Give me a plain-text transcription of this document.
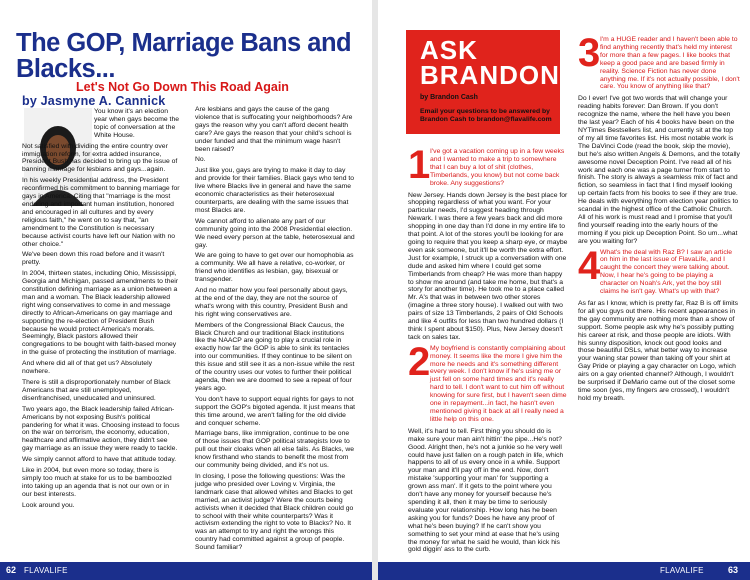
The GOP, Marriage Bans and Blacks...
Let's Not Go Down This Road Again
by Jasmyne A. Cannick

You know it's an election year when gays become the topic of conversation at the White House.

Not satisfied with dividing the entire country over immigration reform, for extra added insurance, President Bush has decided to bring up the issue of banning marriage for lesbians and gays...again.

In his weekly Presidential address, the President reconfirmed his commitment to banning marriage for gays in America. Citing that "marriage is the most enduring and important human institution, honored and encouraged in all cultures and by every religious faith," he went on to say that, "an amendment to the Constitution is necessary because activist courts have left our Nation with no other choice."

We've been down this road before and it wasn't pretty.

In 2004, thirteen states, including Ohio, Mississippi, Georgia and Michigan, passed amendments to their constitution defining marriage as a union between a man and a woman. The Black leadership allowed right wing conservatives to come in and message directly to African-Americans on gay marriage and supporting the re-election of President Bush because he would protect America's morals. Seemingly, Black pastors allowed their congregations to be bought with faith-based money in the guise of protecting the institution of marriage.

And where did all of that get us? Absolutely nowhere.

There is still a disproportionately number of Black Americans that are still unemployed, disenfranchised, uneducated and uninsured.

Two years ago, the Black leadership failed African-Americans by not exposing Bush's political pandering for what it was. Choosing instead to focus on the war on terrorism, the economy, education, healthcare and affirmative action, they didn't see gay marriage as an issue they were ready to tackle.

We simply cannot afford to have that attitude today.

Like in 2004, but even more so today, there is simply too much at stake for us to be bamboozled into taking up an agenda that is not our own or in our best interests.

Look around you.

Are lesbians and gays the cause of the gang violence that is suffocating your neighborhoods? Are gays the reason why you can't afford decent health care? Are gays the reason that your child's school is under funded and that the minimum wage hasn't been raised?

No.

Just like you, gays are trying to make it day to day and provide for their families. Black gays who tend to live where Blacks live in general and have the same economic characteristics as their heterosexual counterparts, are dealing with the same issues that most Blacks are.

We cannot afford to alienate any part of our community going into the 2008 Presidential election. We need every person at the table, heterosexual and gay.

We are going to have to get over our homophobia as a community. We all have a relative, co-worker, or friend who identifies as lesbian, gay, bisexual or transgender.

And no matter how you feel personally about gays, at the end of the day, they are not the source of what's wrong with this country, President Bush and his right wing conservatives are.

Members of the Congressional Black Caucus, the Black Church and our traditional Black institutions like the NAACP are going to play a crucial role in exactly how far the GOP is able to sink its tentacles into our communities. If they continue to be silent on this issue and still see it as a non-issue while the rest of the country uses our votes to further their political agenda, then we are doomed to see a repeat of four years ago.

You don't have to support equal rights for gays to not support the GOP's bigoted agenda. It just means that this time around, we aren't falling for the old divide and conquer scheme.

Marriage bans, like immigration, continue to be one of those issues that GOP political strategists love to pull out their cloaks when all else fails. As Blacks, we know firsthand who stands to benefit the most from our community being divided, and it's not us.

In closing, I pose the following questions: Was the judge who presided over Loving v. Virginia, the landmark case that allowed whites and Blacks to get married, an activist judge? Were the courts being activists when it decided that Black children could go to school with their white counterparts? Was it activism extending the right to vote to Blacks? No. It was an attempt to try and right the wrongs this country had committed against a group of people. Sound familiar?

62 FLAVALIFE
ASK
BRANDON
by Brandon Cash
Email your questions to be answered by Brandon Cash to brandon@flavalife.com
1 I've got a vacation coming up in a few weeks and I wanted to make a trip to somewhere that I can buy a lot of shit (clothes, Timberlands, you know) but not come back broke. Any suggestions?

New Jersey. Hands down Jersey is the best place for shopping regardless of what you want. For your particular needs, I'd suggest heading through Newark. I was there a few years back and did more shopping in one day than I'd done in my entire life to that point. A lot of the stores you'll be looking for are going to require that you keep a sharp eye, or maybe even ask someone, but it'll be worth the extra effort. Just for example, I struck up a conversation with one dude and asked him where I could get some Timberlands from cheap? He was more than happy to show me around (and take me home, but that's a story for another time). He took me to a place called Mr. A's that was in between two other stores (imagine a three story house). I walked out with two pairs of size 13 Timberlands, 2 pairs of Old Schools and like 4 outfits for less than two hundred dollars (I think I spent about $150). Plus, New Jersey doesn't tack on sales tax.

2 My boyfriend is constantly complaining about money. It seems like the more I give him the more he needs and it's something different every week. I don't know if he's using me or just fell on some hard times and it's really hard to tell. I don't want to cut him off without knowing for sure first, but I haven't seen dime one in repayment...in fact, he hasn't even mentioned giving it back at all I really need a little help on this one.

Well, it's hard to tell. First thing you should do is make sure your man ain't hittin' the pipe...He's not? Good. Alright then, he's not a junkie so he very well could have just fallen on a rough patch in life, which happens to all of us every once in a while. Support your man and it'll pay off in the end. Now, don't mistake 'supporting your man' for 'supporting a grown ass man'. If it gets to the point where you don't have any money for yourself because he's spending it all, then it may be time to seriously evaluate your relationship. How long has he been asking you for funds? Does he have any proof of what he's been buying? If he can't show you something to set your mind at ease that he's using the money for what he said he would, than kick his gold diggin' ass to the curb.

3 I'm a HUGE reader and I haven't been able to find anything recently that's held my interest for more than a few pages. I like books that keep a good pace and are based firmly in reality. Science Fiction has never done anything me. If it's not actually possible, I don't care. You know of anything like that?

Do I ever! I've got two words that will change your reading habits forever: Dan Brown. If you don't recognize the name, where the hell have you been the last year? Each of his 4 books have been on the NYTimes Bestsellers list, and currently sit at the top of my all time favorites list. His most notable work is The DaVinci Code (read the book, skip the movie), but he's also written Angels & Demons, and the totally awesome novel Deception Point. I've read all of his work and each one was a page turner from start to finish. The story is always a seamless mix of fact and fiction, so seamless in fact that I find myself looking up certain facts from his books to see if they are true. He deals with everything from election year politics to scandal in the highest office of the Catholic Church. All of his work is must read and I promise that you'll find yourself reading into the early hours of the morning if you pick up Deception Point. So um...what are you waiting for?

4 What's the deal with Raz B? I saw an article on him in the last issue of FlavaLife, and I caught the concert they were talking about. Now, I hear he's going to be playing a character on Noah's Ark, yet the boy still claims he isn't gay. What's up with that?

As far as I know, which is pretty far, Raz B is off limits for all you guys out there. His recent appearances in the gay community are nothing more than a show of support. Some people ask why he's possibly putting his career at risk, and those people are idiots. With his sunny disposition, knock out good looks and those beautiful DSLs, what better way to increase your waning star power than taking off your shirt at Gay Pride or playing a gay character on Logo, which airs on a gay oriented channel? Although, I wouldn't be surprised if DeMario came out of the closet some time soon (yes, my fingers are crossed), I wouldn't hold my breath.

FLAVALIFE	63
